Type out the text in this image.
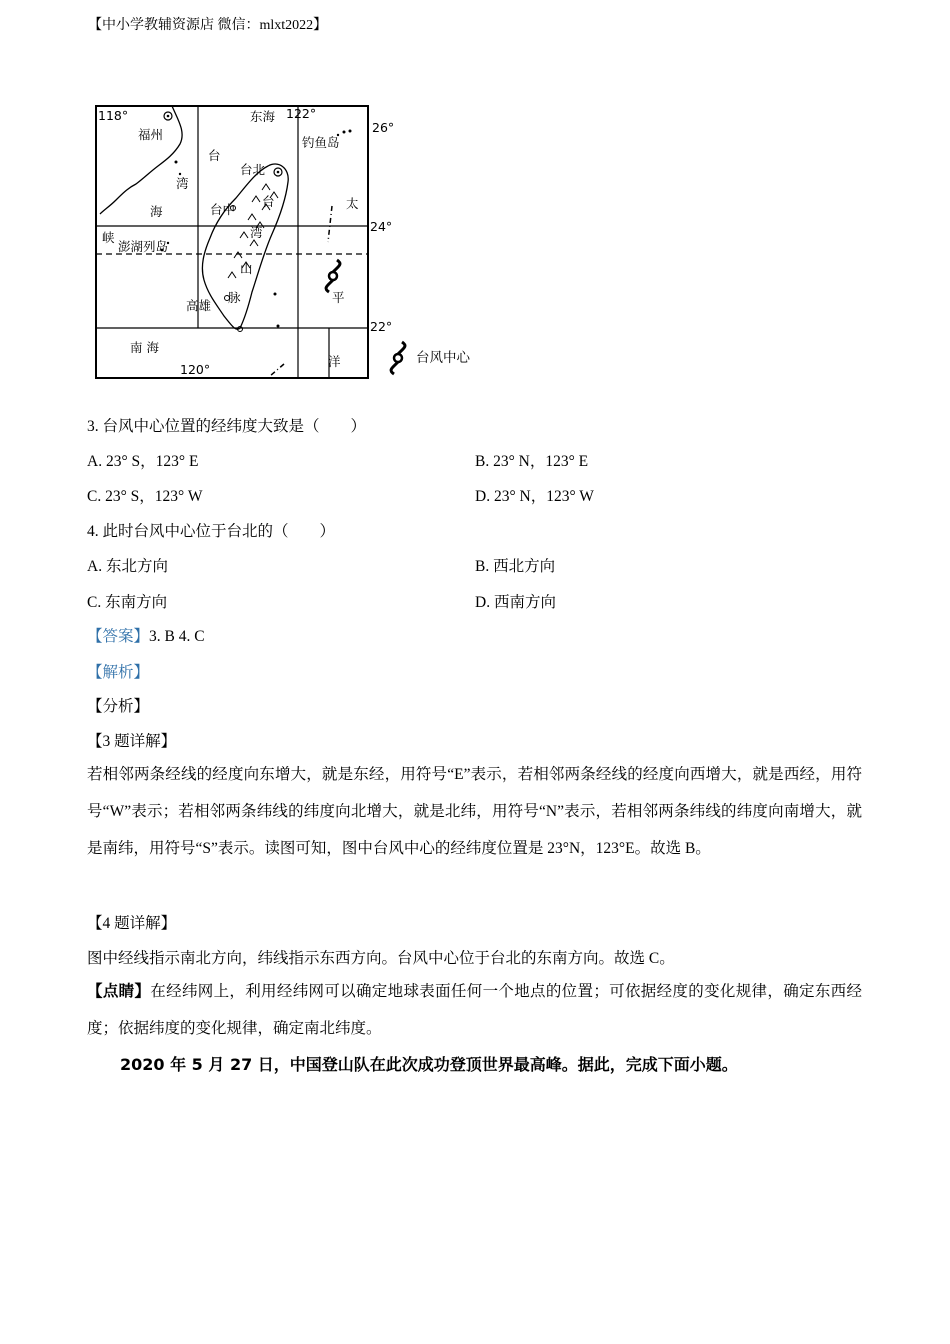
【中小学教辅资源店 微信：mlxt2022】
118°	122°
120°
26°
24°
22°
福州
东海
钓鱼岛
台北
台中
高雄
澎湖列岛
南 海
台
湾
海
峡
台
湾
山
脉
太
平
洋	台风中心
3. 台风中心位置的经纬度大致是（　　）
A. 23° S，123° E	B. 23° N，123° E
C. 23° S，123° W	D. 23° N，123° W
4. 此时台风中心位于台北的（　　）
A. 东北方向	B. 西北方向
C. 东南方向	D. 西南方向
【答案】3. B 4. C
【解析】
【分析】
【3 题详解】
若相邻两条经线的经度向东增大，就是东经，用符号“E”表示，若相邻两条经线的经度向西增大，就是西经，用符号“W”表示；若相邻两条纬线的纬度向北增大，就是北纬，用符号“N”表示，若相邻两条纬线的纬度向南增大，就是南纬，用符号“S”表示。读图可知，图中台风中心的经纬度位置是 23°N，123°E。故选 B。
【4 题详解】
图中经线指示南北方向，纬线指示东西方向。台风中心位于台北的东南方向。故选 C。
【点睛】在经纬网上，利用经纬网可以确定地球表面任何一个地点的位置；可依据经度的变化规律，确定东西经度；依据纬度的变化规律，确定南北纬度。
2020 年 5 月 27 日，中国登山队在此次成功登顶世界最高峰。据此，完成下面小题。
